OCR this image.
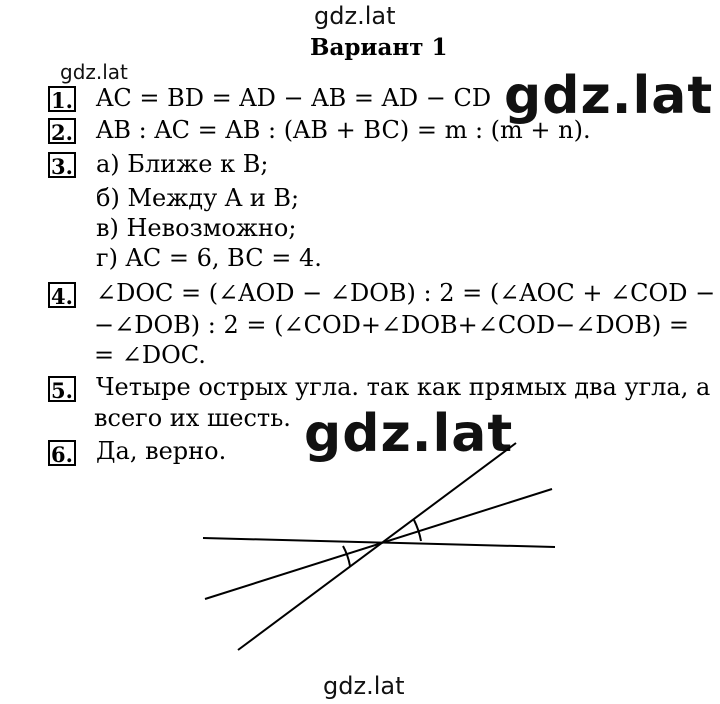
gdz.lat
gdz.lat	gdz.lat
gdz.lat
gdz.lat
Вариант 1
1. AC = BD = AD − AB = AD − CD
2. AB : AC = AB : (AB + BC) = m : (m + n).
3. а) Ближе к B;
б) Между A и B;
в) Невозможно;
г) AC = 6, BC = 4.
4. ∠DOC = (∠AOD − ∠DOB) : 2 = (∠AOC + ∠COD −
−∠DOB) : 2 = (∠COD+∠DOB+∠COD−∠DOB) =
= ∠DOC.
5. Четыре острых угла. так как прямых два угла, а
всего их шесть.
6. Да, верно.
